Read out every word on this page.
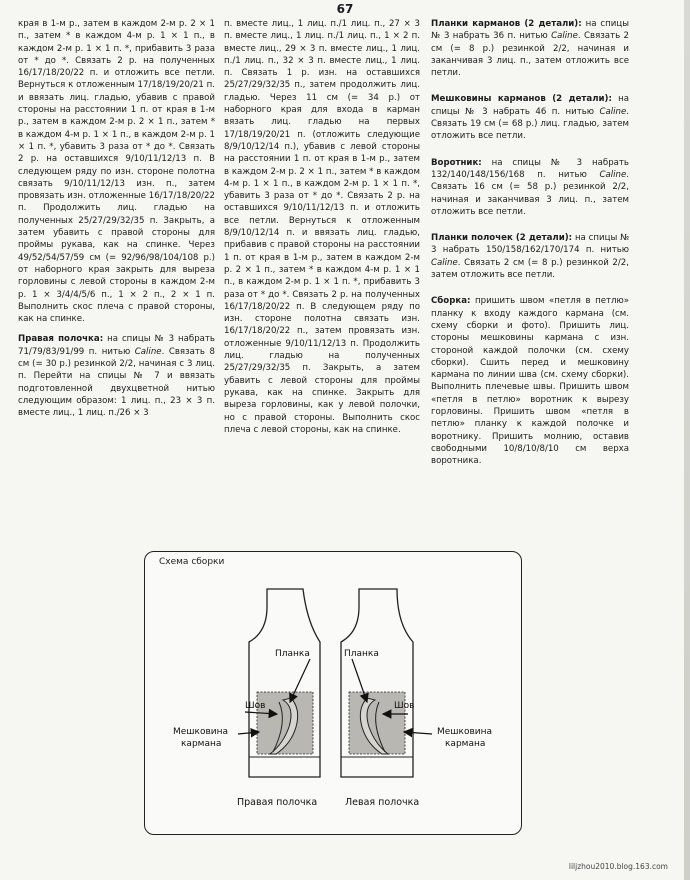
67

края в 1-м р., затем в каждом 2-м р. 2 × 1 п., затем * в каждом 4-м р. 1 × 1 п., в каждом 2-м р. 1 × 1 п. *, прибавить 3 раза от * до *. Связать 2 р. на полученных 16/17/18/20/22 п. и отложить все петли. Вернуться к отложенным 17/18/19/20/21 п. и ввязать лиц. гладью, убавив с правой стороны на расстоянии 1 п. от края в 1-м р., затем в каждом 2-м р. 2 × 1 п., затем * в каждом 4-м р. 1 × 1 п., в каждом 2-м р. 1 × 1 п. *, убавить 3 раза от * до *. Связать 2 р. на оставшихся 9/10/11/12/13 п. В следующем ряду по изн. стороне полотна связать 9/10/11/12/13 изн. п., затем провязать изн. отложенные 16/17/18/20/22 п. Продолжить лиц. гладью на полученных 25/27/29/32/35 п. Закрыть, а затем убавить с правой стороны для проймы рукава, как на спинке. Через 49/52/54/57/59 см (= 92/96/98/104/108 р.) от наборного края закрыть для выреза горловины с левой стороны в каждом 2-м р. 1 × 3/4/4/5/6 п., 1 × 2 п., 2 × 1 п. Выполнить скос плеча с правой стороны, как на спинке.

Правая полочка: на спицы № 3 набрать 71/79/83/91/99 п. нитью Caline. Связать 8 см (= 30 р.) резинкой 2/2, начиная с 3 лиц. п. Перейти на спицы № 7 и ввязать подготовленной двухцветной нитью следующим образом: 1 лиц. п., 23 × 3 п. вместе лиц., 1 лиц. п./26 × 3

п. вместе лиц., 1 лиц. п./1 лиц. п., 27 × 3 п. вместе лиц., 1 лиц. п./1 лиц. п., 1 × 2 п. вместе лиц., 29 × 3 п. вместе лиц., 1 лиц. п./1 лиц. п., 32 × 3 п. вместе лиц., 1 лиц. п. Связать 1 р. изн. на оставшихся 25/27/29/32/35 п., затем продолжить лиц. гладью. Через 11 см (= 34 р.) от наборного края для входа в карман вязать лиц. гладью на первых 17/18/19/20/21 п. (отложить следующие 8/9/10/12/14 п.), убавив с левой стороны на расстоянии 1 п. от края в 1-м р., затем в каждом 2-м р. 2 × 1 п., затем * в каждом 4-м р. 1 × 1 п., в каждом 2-м р. 1 × 1 п. *, убавить 3 раза от * до *. Связать 2 р. на оставшихся 9/10/11/12/13 п. и отложить все петли. Вернуться к отложенным 8/9/10/12/14 п. и ввязать лиц. гладью, прибавив с правой стороны на расстоянии 1 п. от края в 1-м р., затем в каждом 2-м р. 2 × 1 п., затем * в каждом 4-м р. 1 × 1 п., в каждом 2-м р. 1 × 1 п. *, прибавить 3 раза от * до *. Связать 2 р. на полученных 16/17/18/20/22 п. В следующем ряду по изн. стороне полотна связать изн. 16/17/18/20/22 п., затем провязать изн. отложенные 9/10/11/12/13 п. Продолжить лиц. гладью на полученных 25/27/29/32/35 п. Закрыть, а затем убавить с левой стороны для проймы рукава, как на спинке. Закрыть для выреза горловины, как у левой полочки, но с правой стороны. Выполнить скос плеча с левой стороны, как на спинке.

Планки карманов (2 детали): на спицы № 3 набрать 36 п. нитью Caline. Связать 2 см (= 8 р.) резинкой 2/2, начиная и заканчивая 3 лиц. п., затем отложить все петли.

Мешковины карманов (2 детали): на спицы № 3 набрать 46 п. нитью Caline. Связать 19 см (= 68 р.) лиц. гладью, затем отложить все петли.

Воротник: на спицы № 3 набрать 132/140/148/156/168 п. нитью Caline. Связать 16 см (= 58 р.) резинкой 2/2, начиная и заканчивая 3 лиц. п., затем отложить все петли.

Планки полочек (2 детали): на спицы № 3 набрать 150/158/162/170/174 п. нитью Caline. Связать 2 см (= 8 р.) резинкой 2/2, затем отложить все петли.

Сборка: пришить швом «петля в петлю» планку к входу каждого кармана (см. схему сборки и фото). Пришить лиц. стороны мешковины кармана с изн. стороной каждой полочки (см. схему сборки). Сшить перед и мешковину кармана по линии шва (см. схему сборки). Выполнить плечевые швы. Пришить швом «петля в петлю» воротник к вырезу горловины. Пришить швом «петля в петлю» планку к каждой полочке и воротнику. Пришить молнию, оставив свободными 10/8/10/8/10 см верха воротника.

Схема сборки
Планка	Планка
Шов	Шов
Мешковина
кармана
Мешковина
кармана
Правая полочка	Левая полочка
liljzhou2010.blog.163.com
